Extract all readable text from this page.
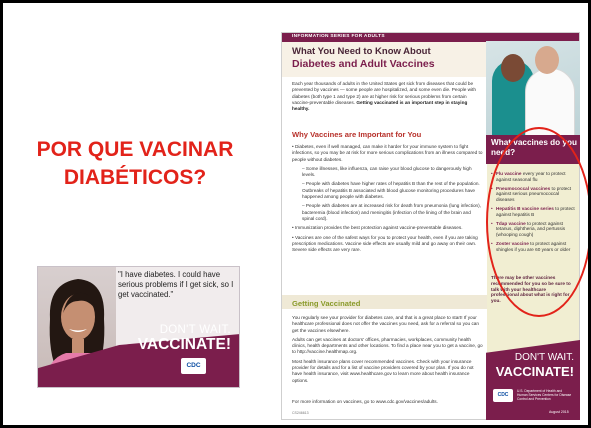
POR QUE VACINAR
DIABÉTICOS?
"I have diabetes. I could have serious problems if I get sick, so I get vaccinated."
DON'T WAIT.
VACCINATE!
CDC
INFORMATION SERIES FOR ADULTS
What You Need to Know About
Diabetes and Adult Vaccines
Each year thousands of adults in the United States get sick from diseases that could be prevented by vaccines — some people are hospitalized, and some even die. People with diabetes (both type 1 and type 2) are at higher risk for serious problems from certain vaccine-preventable diseases. Getting vaccinated is an important step in staying healthy.
Why Vaccines are Important for You

• Diabetes, even if well managed, can make it harder for your immune system to fight infections, so you may be at risk for more serious complications from an illness compared to people without diabetes.

– Some illnesses, like influenza, can raise your blood glucose to dangerously high levels.

– People with diabetes have higher rates of hepatitis B than the rest of the population. Outbreaks of hepatitis B associated with blood glucose monitoring procedures have happened among people with diabetes.

– People with diabetes are at increased risk for death from pneumonia (lung infection), bacteremia (blood infection) and meningitis (infection of the lining of the brain and spinal cord).

• Immunization provides the best protection against vaccine-preventable diseases.

• Vaccines are one of the safest ways for you to protect your health, even if you are taking prescription medications. Vaccine side effects are usually mild and go away on their own. Severe side effects are very rare.

Getting Vaccinated

You regularly see your provider for diabetes care, and that is a great place to start! If your healthcare professional does not offer the vaccines you need, ask for a referral so you can get the vaccines elsewhere.

Adults can get vaccines at doctors' offices, pharmacies, workplaces, community health clinics, health departments and other locations. To find a place near you to get a vaccine, go to http://vaccine.healthmap.org.

Most health insurance plans cover recommended vaccines. Check with your insurance provider for details and for a list of vaccine providers covered by your plan. If you do not have health insurance, visit www.healthcare.gov to learn more about health insurance options.

For more information on vaccines, go to www.cdc.gov/vaccines/adults.
CS246613
What vaccines do you need?
• Flu vaccine every year to protect against seasonal flu
• Pneumococcal vaccines to protect against serious pneumococcal diseases
• Hepatitis B vaccine series to protect against hepatitis B
• Tdap vaccine to protect against tetanus, diphtheria, and pertussis (whooping cough)
• Zoster vaccine to protect against shingles if you are 60 years or older
There may be other vaccines recommended for you so be sure to talk with your healthcare professional about what is right for you.
DON'T WAIT.
VACCINATE!
CDC
U.S. Department of Health and Human Services Centers for Disease Control and Prevention
August 2015
